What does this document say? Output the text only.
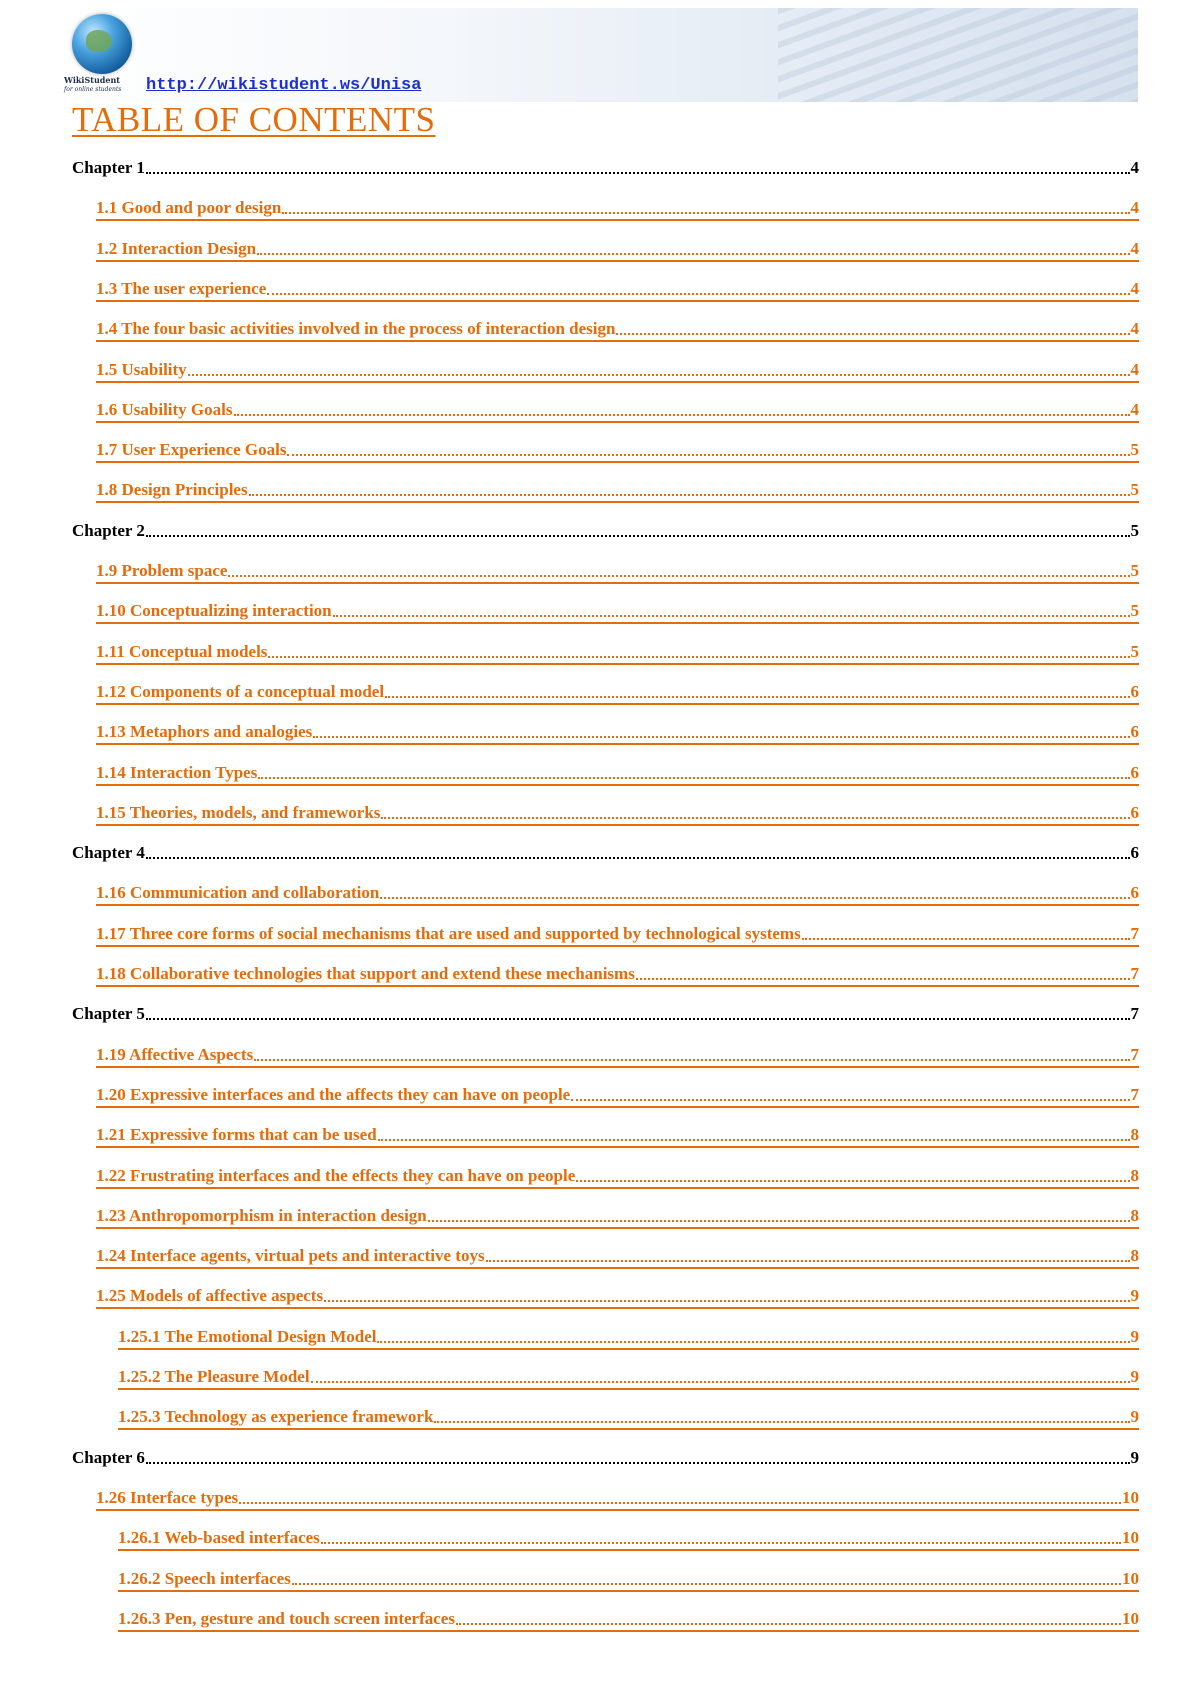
WikiStudent
for online students	http://wikistudent.ws/Unisa
TABLE OF CONTENTS
Chapter 1	4
1.1 Good and poor design	4
1.2 Interaction Design	4
1.3 The user experience	4
1.4 The four basic activities involved in the process of interaction design	4
1.5 Usability	4
1.6 Usability Goals	4
1.7 User Experience Goals	5
1.8 Design Principles	5
Chapter 2	5
1.9 Problem space	5
1.10 Conceptualizing interaction	5
1.11 Conceptual models	5
1.12 Components of a conceptual model	6
1.13 Metaphors and analogies	6
1.14 Interaction Types	6
1.15 Theories, models, and frameworks	6
Chapter 4	6
1.16 Communication and collaboration	6
1.17 Three core forms of social mechanisms that are used and supported by technological systems	7
1.18 Collaborative technologies that support and extend these mechanisms	7
Chapter 5	7
1.19 Affective Aspects	7
1.20 Expressive interfaces and the affects they can have on people	7
1.21 Expressive forms that can be used	8
1.22 Frustrating interfaces and the effects they can have on people	8
1.23 Anthropomorphism in interaction design	8
1.24 Interface agents, virtual pets and interactive toys	8
1.25 Models of affective aspects	9
1.25.1 The Emotional Design Model	9
1.25.2 The Pleasure Model	9
1.25.3 Technology as experience framework	9
Chapter 6	9
1.26 Interface types	10
1.26.1 Web-based interfaces	10
1.26.2 Speech interfaces	10
1.26.3 Pen, gesture and touch screen interfaces	10
